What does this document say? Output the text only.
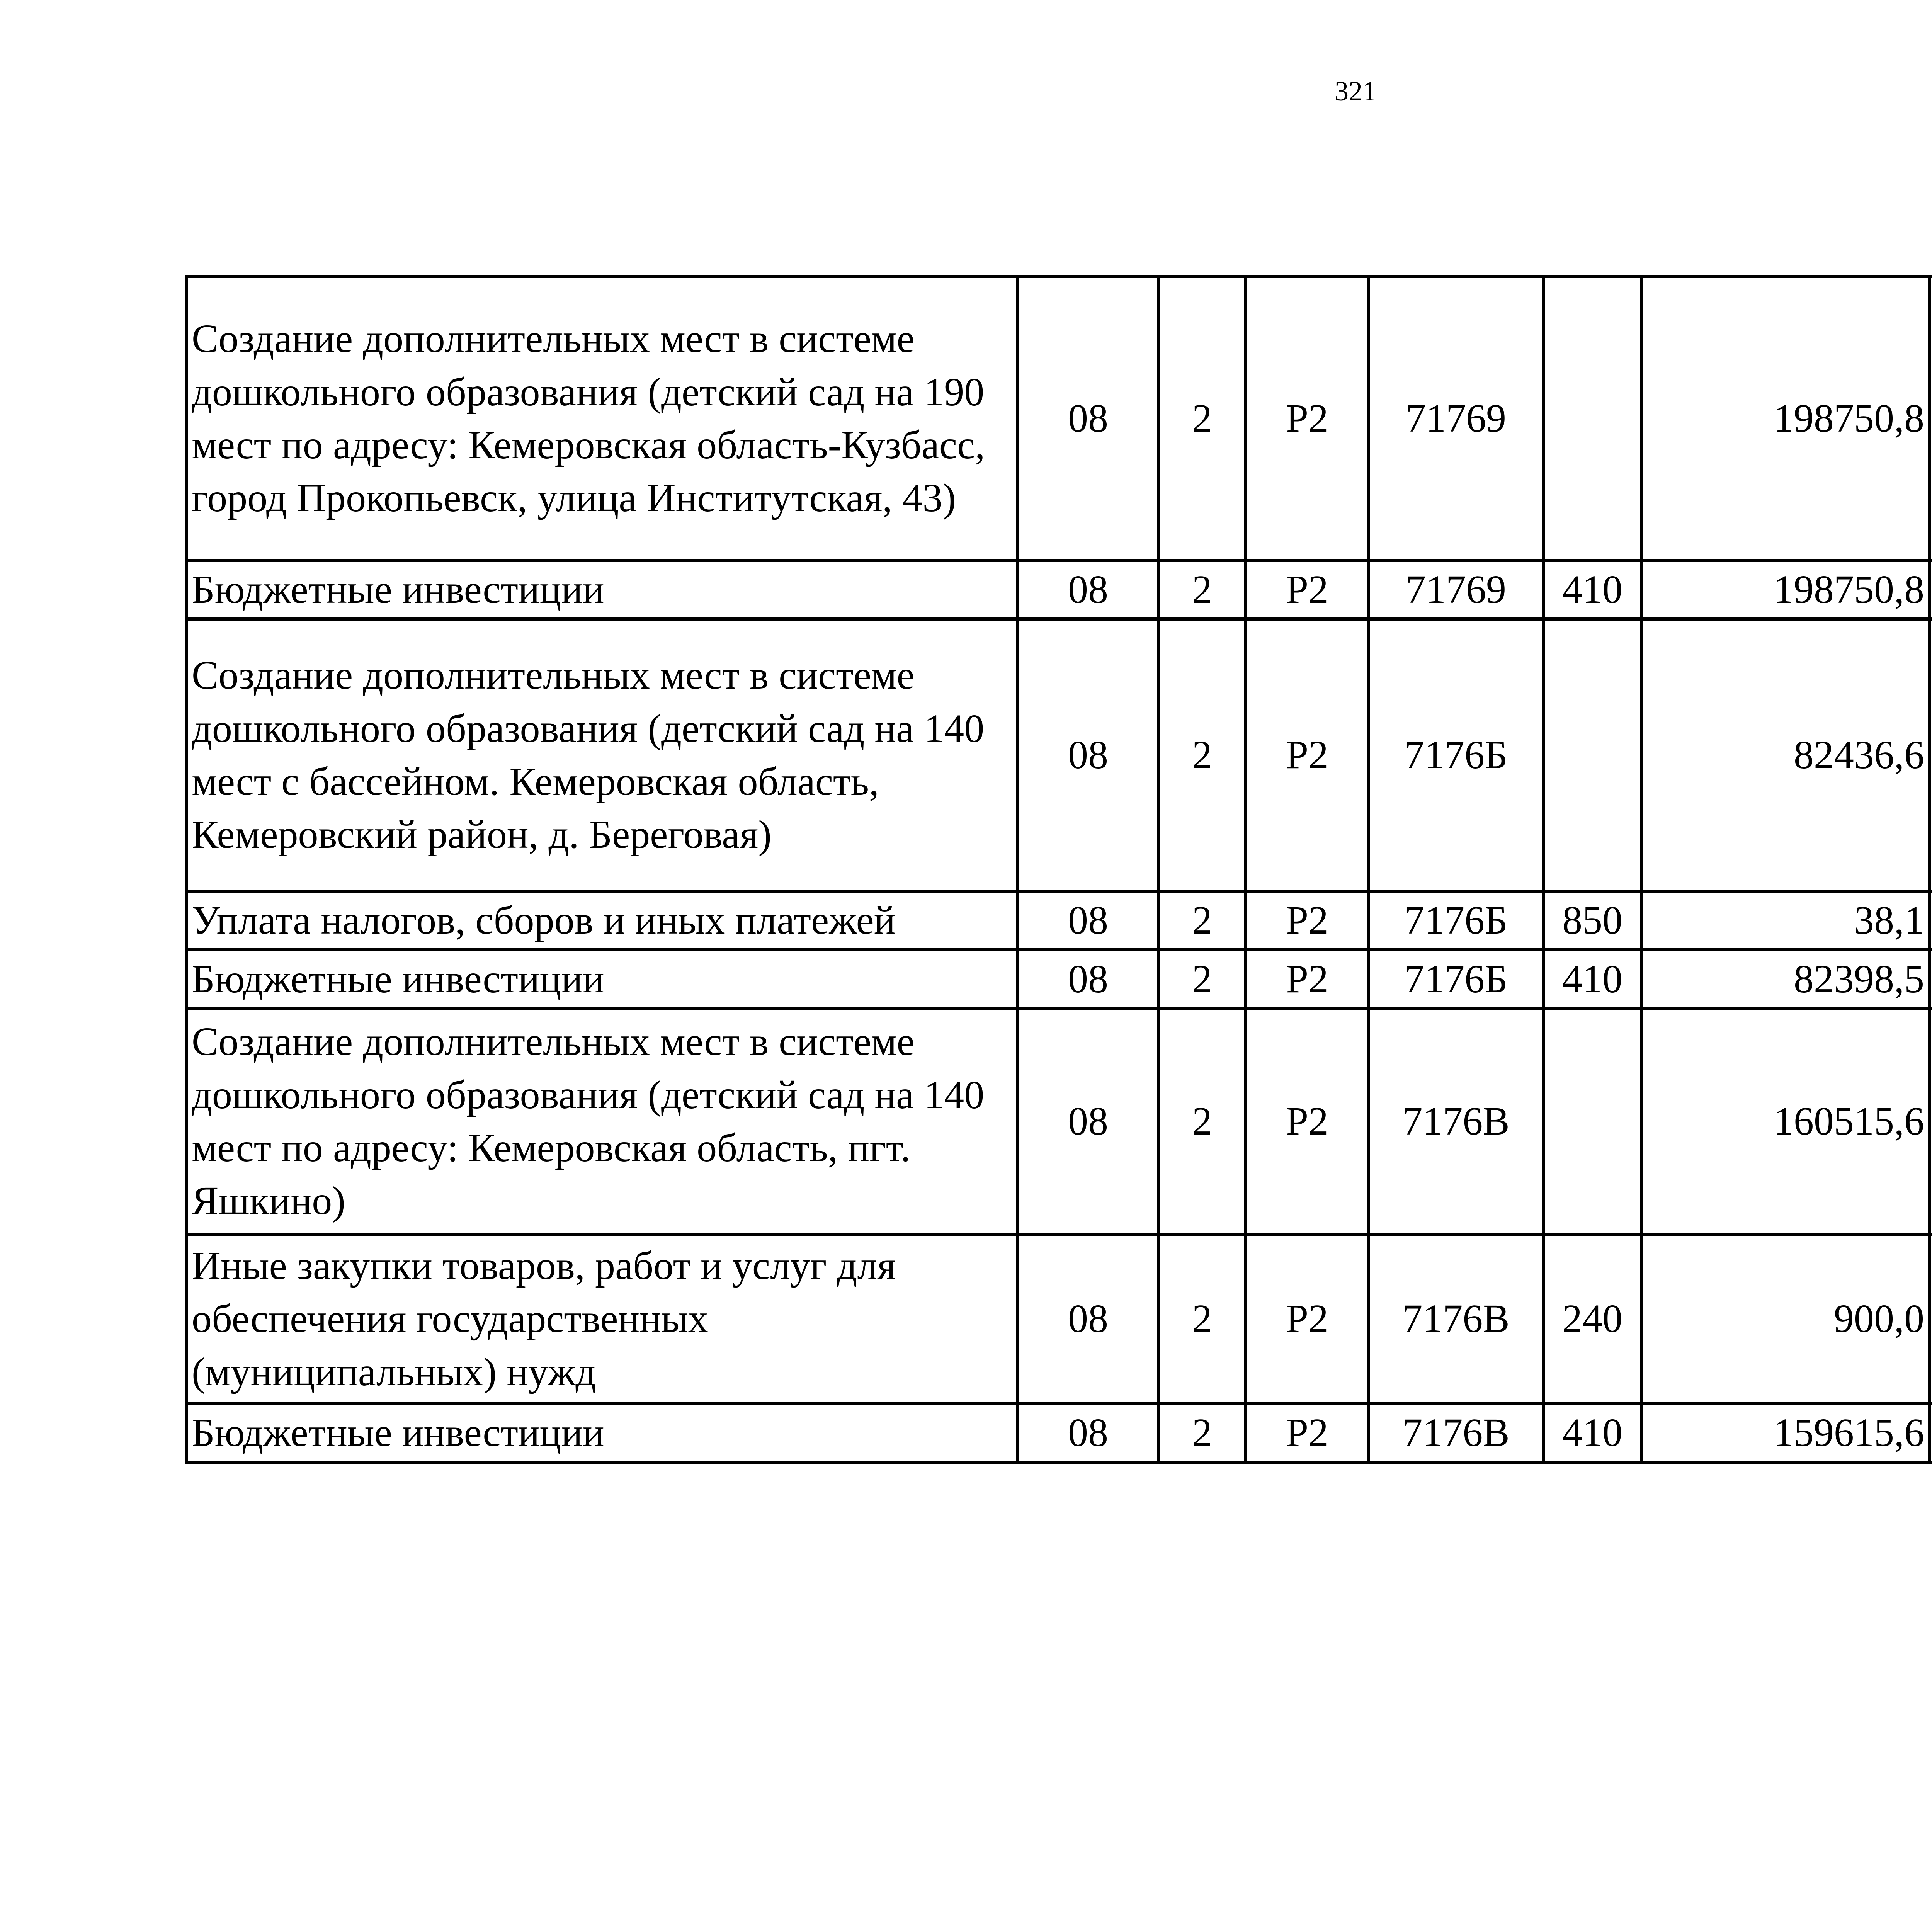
321
Создание дополнительных мест в системе дошкольного образования (детский сад на 190 мест по адресу: Кемеровская область-Кузбасс, город Прокопьевск, улица Институтская, 43)	08	2	P2	71769		198750,8		
Бюджетные инвестиции	08	2	P2	71769	410	198750,8		
Создание дополнительных мест в системе дошкольного образования (детский сад на 140 мест с бассейном. Кемеровская область, Кемеровский район, д. Береговая)	08	2	P2	7176Б		82436,6		
Уплата налогов, сборов и иных платежей	08	2	P2	7176Б	850	38,1		
Бюджетные инвестиции	08	2	P2	7176Б	410	82398,5		
Создание дополнительных мест в системе дошкольного образования (детский сад на 140 мест по адресу: Кемеровская область, пгт. Яшкино)	08	2	P2	7176В		160515,6		
Иные закупки товаров, работ и услуг для обеспечения государственных (муниципальных) нужд	08	2	P2	7176В	240	900,0		
Бюджетные инвестиции	08	2	P2	7176В	410	159615,6		
